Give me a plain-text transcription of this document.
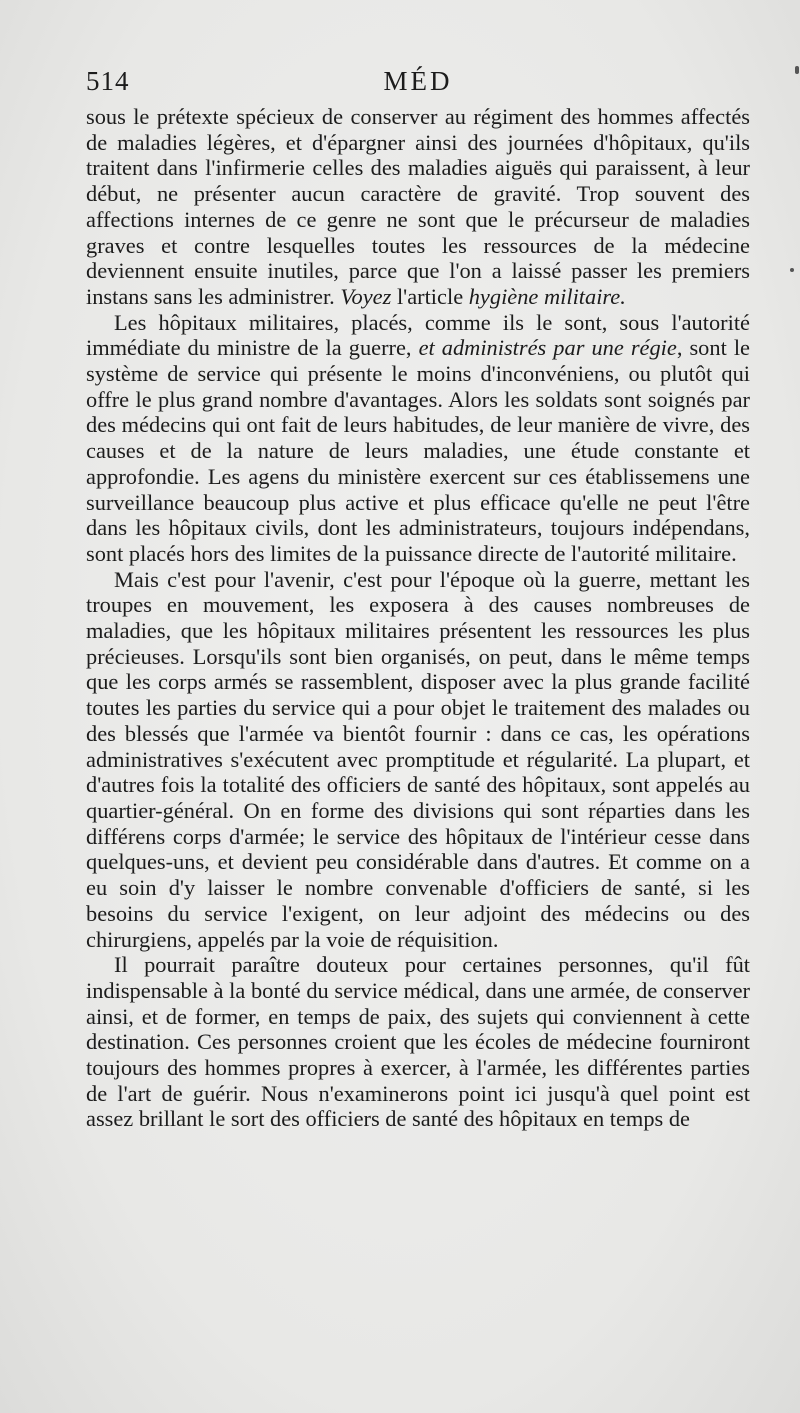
514	MÉD

sous le prétexte spécieux de conserver au régiment des hommes affectés de maladies légères, et d'épargner ainsi des journées d'hôpitaux, qu'ils traitent dans l'infirmerie celles des maladies aiguës qui paraissent, à leur début, ne présenter aucun caractère de gravité. Trop souvent des affections internes de ce genre ne sont que le précurseur de maladies graves et contre lesquelles toutes les ressources de la médecine deviennent ensuite inutiles, parce que l'on a laissé passer les premiers instans sans les administrer. Voyez l'article hygiène militaire.

Les hôpitaux militaires, placés, comme ils le sont, sous l'autorité immédiate du ministre de la guerre, et administrés par une régie, sont le système de service qui présente le moins d'inconvéniens, ou plutôt qui offre le plus grand nombre d'avantages. Alors les soldats sont soignés par des médecins qui ont fait de leurs habitudes, de leur manière de vivre, des causes et de la nature de leurs maladies, une étude constante et approfondie. Les agens du ministère exercent sur ces établissemens une surveillance beaucoup plus active et plus efficace qu'elle ne peut l'être dans les hôpitaux civils, dont les administrateurs, toujours indépendans, sont placés hors des limites de la puissance directe de l'autorité militaire.

Mais c'est pour l'avenir, c'est pour l'époque où la guerre, mettant les troupes en mouvement, les exposera à des causes nombreuses de maladies, que les hôpitaux militaires présentent les ressources les plus précieuses. Lorsqu'ils sont bien organisés, on peut, dans le même temps que les corps armés se rassemblent, disposer avec la plus grande facilité toutes les parties du service qui a pour objet le traitement des malades ou des blessés que l'armée va bientôt fournir : dans ce cas, les opérations administratives s'exécutent avec promptitude et régularité. La plupart, et d'autres fois la totalité des officiers de santé des hôpitaux, sont appelés au quartier-général. On en forme des divisions qui sont réparties dans les différens corps d'armée; le service des hôpitaux de l'intérieur cesse dans quelques-uns, et devient peu considérable dans d'autres. Et comme on a eu soin d'y laisser le nombre convenable d'officiers de santé, si les besoins du service l'exigent, on leur adjoint des médecins ou des chirurgiens, appelés par la voie de réquisition.

Il pourrait paraître douteux pour certaines personnes, qu'il fût indispensable à la bonté du service médical, dans une armée, de conserver ainsi, et de former, en temps de paix, des sujets qui conviennent à cette destination. Ces personnes croient que les écoles de médecine fourniront toujours des hommes propres à exercer, à l'armée, les différentes parties de l'art de guérir. Nous n'examinerons point ici jusqu'à quel point est assez brillant le sort des officiers de santé des hôpitaux en temps de
